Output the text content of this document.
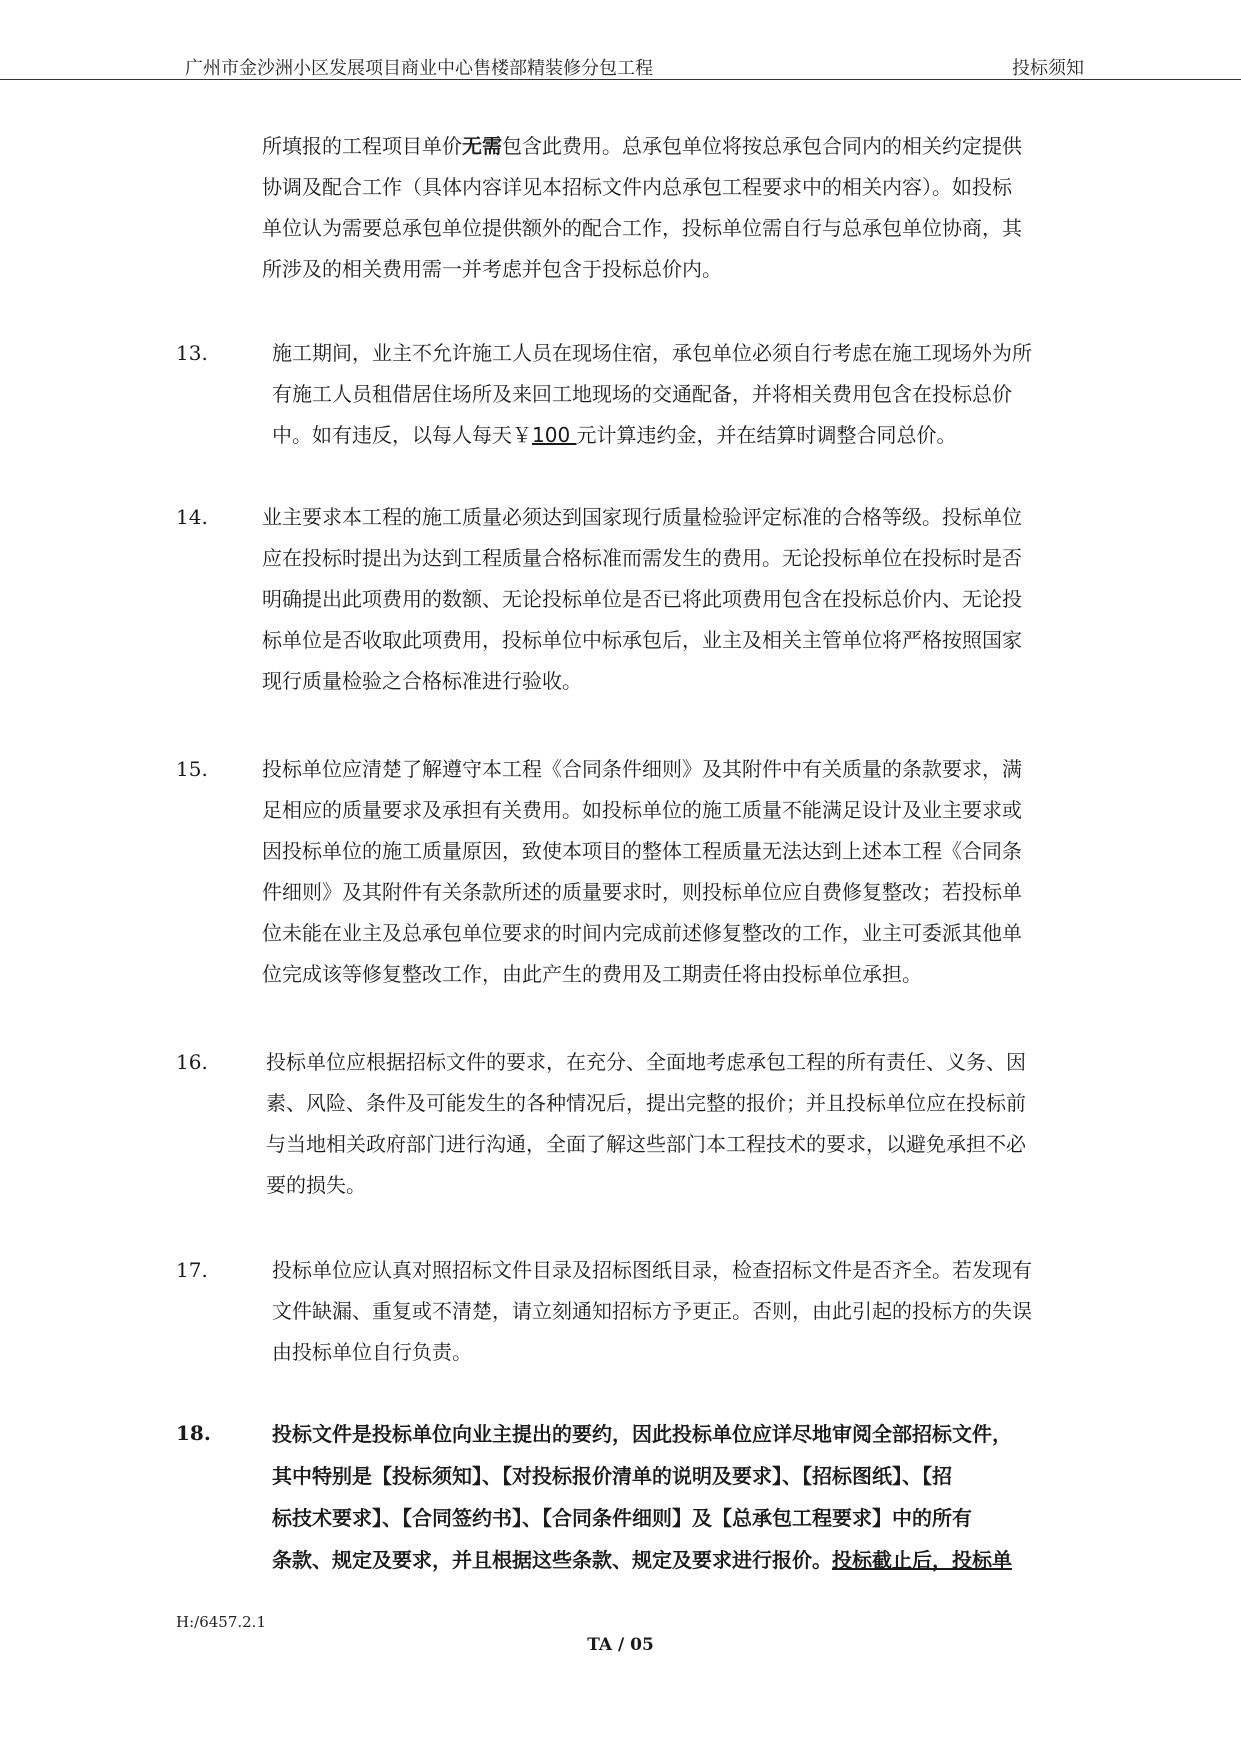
广州市金沙洲小区发展项目商业中心售楼部精装修分包工程	投标须知
所填报的工程项目单价无需包含此费用。总承包单位将按总承包合同内的相关约定提供
协调及配合工作（具体内容详见本招标文件内总承包工程要求中的相关内容）。如投标
单位认为需要总承包单位提供额外的配合工作，投标单位需自行与总承包单位协商，其
所涉及的相关费用需一并考虑并包含于投标总价内。
13.	施工期间，业主不允许施工人员在现场住宿，承包单位必须自行考虑在施工现场外为所
有施工人员租借居住场所及来回工地现场的交通配备，并将相关费用包含在投标总价
中。如有违反，以每人每天￥100 元计算违约金，并在结算时调整合同总价。
14.	业主要求本工程的施工质量必须达到国家现行质量检验评定标准的合格等级。投标单位
应在投标时提出为达到工程质量合格标准而需发生的费用。无论投标单位在投标时是否
明确提出此项费用的数额、无论投标单位是否已将此项费用包含在投标总价内、无论投
标单位是否收取此项费用，投标单位中标承包后，业主及相关主管单位将严格按照国家
现行质量检验之合格标准进行验收。
15.	投标单位应清楚了解遵守本工程《合同条件细则》及其附件中有关质量的条款要求，满
足相应的质量要求及承担有关费用。如投标单位的施工质量不能满足设计及业主要求或
因投标单位的施工质量原因，致使本项目的整体工程质量无法达到上述本工程《合同条
件细则》及其附件有关条款所述的质量要求时，则投标单位应自费修复整改；若投标单
位未能在业主及总承包单位要求的时间内完成前述修复整改的工作，业主可委派其他单
位完成该等修复整改工作，由此产生的费用及工期责任将由投标单位承担。
16.	投标单位应根据招标文件的要求，在充分、全面地考虑承包工程的所有责任、义务、因
素、风险、条件及可能发生的各种情况后，提出完整的报价；并且投标单位应在投标前
与当地相关政府部门进行沟通，全面了解这些部门本工程技术的要求，以避免承担不必
要的损失。
17.	投标单位应认真对照招标文件目录及招标图纸目录，检查招标文件是否齐全。若发现有
文件缺漏、重复或不清楚，请立刻通知招标方予更正。否则，由此引起的投标方的失误
由投标单位自行负责。
18.	投标文件是投标单位向业主提出的要约，因此投标单位应详尽地审阅全部招标文件，
其中特别是【投标须知】、【对投标报价清单的说明及要求】、【招标图纸】、【招
标技术要求】、【合同签约书】、【合同条件细则】及【总承包工程要求】中的所有
条款、规定及要求，并且根据这些条款、规定及要求进行报价。投标截止后，投标单
H:/6457.2.1
TA / 05
